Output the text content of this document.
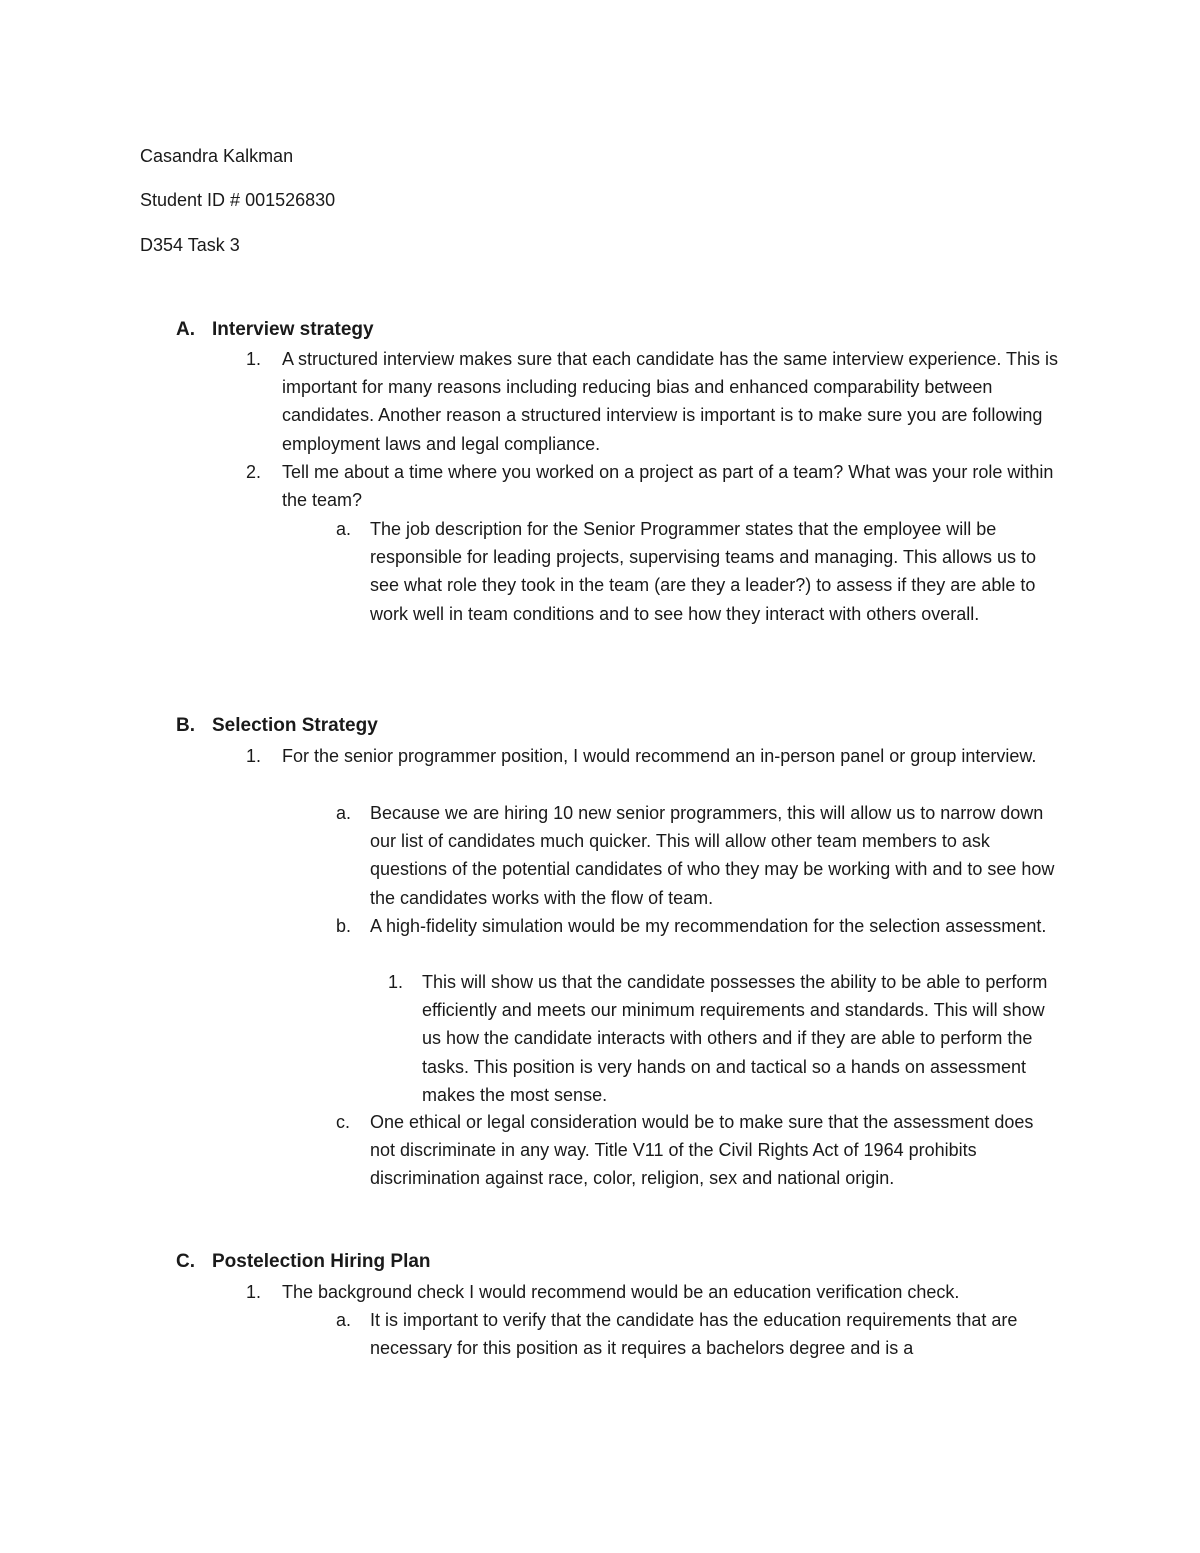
Casandra Kalkman
Student ID # 001526830
D354 Task 3
A. Interview strategy
1. A structured interview makes sure that each candidate has the same interview experience. This is important for many reasons including reducing bias and enhanced comparability between candidates. Another reason a structured interview is important is to make sure you are following employment laws and legal compliance.
2. Tell me about a time where you worked on a project as part of a team? What was your role within the team?
a. The job description for the Senior Programmer states that the employee will be responsible for leading projects, supervising teams and managing. This allows us to see what role they took in the team (are they a leader?) to assess if they are able to work well in team conditions and to see how they interact with others overall.
B. Selection Strategy
1. For the senior programmer position, I would recommend an in-person panel or group interview.
a. Because we are hiring 10 new senior programmers, this will allow us to narrow down our list of candidates much quicker. This will allow other team members to ask questions of the potential candidates of who they may be working with and to see how the candidates works with the flow of team.
b. A high-fidelity simulation would be my recommendation for the selection assessment.
1. This will show us that the candidate possesses the ability to be able to perform efficiently and meets our minimum requirements and standards. This will show us how the candidate interacts with others and if they are able to perform the tasks. This position is very hands on and tactical so a hands on assessment makes the most sense.
c. One ethical or legal consideration would be to make sure that the assessment does not discriminate in any way. Title V11 of the Civil Rights Act of 1964 prohibits discrimination against race, color, religion, sex and national origin.
C. Postelection Hiring Plan
1. The background check I would recommend would be an education verification check.
a. It is important to verify that the candidate has the education requirements that are necessary for this position as it requires a bachelors degree and is a
